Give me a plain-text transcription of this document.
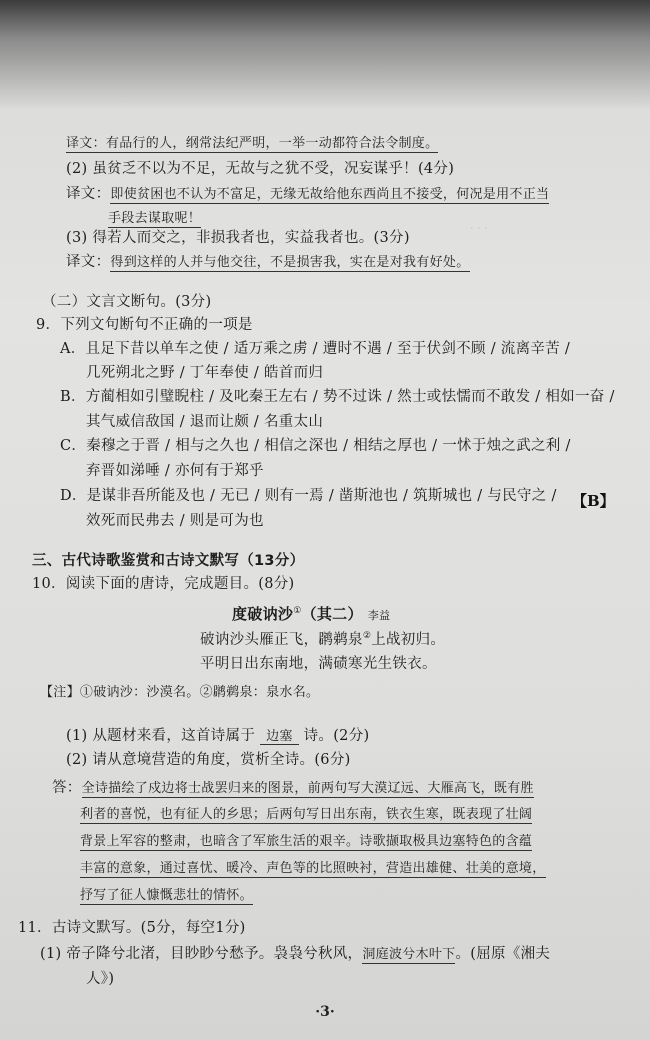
· · ·
译文：有品行的人，纲常法纪严明，一举一动都符合法令制度。
(2) 虽贫乏不以为不足，无故与之犹不受，况妄谋乎！(4分)
译文：即使贫困也不认为不富足，无缘无故给他东西尚且不接受，何况是用不正当
手段去谋取呢！
(3) 得若人而交之，非损我者也，实益我者也。(3分)
译文：得到这样的人并与他交往，不是损害我，实在是对我有好处。
（二）文言文断句。(3分)
9．下列文句断句不正确的一项是
A．且足下昔以单车之使 / 适万乘之虏 / 遭时不遇 / 至于伏剑不顾 / 流离辛苦 /
几死朔北之野 / 丁年奉使 / 皓首而归
B．方蔺相如引璧睨柱 / 及叱秦王左右 / 势不过诛 / 然士或怯懦而不敢发 / 相如一奋 /
其气威信敌国 / 退而让颇 / 名重太山
C．秦穆之于晋 / 相与之久也 / 相信之深也 / 相结之厚也 / 一怵于烛之武之利 /
弃晋如涕唾 / 亦何有于郑乎
D．是谋非吾所能及也 / 无已 / 则有一焉 / 凿斯池也 / 筑斯城也 / 与民守之 /
效死而民弗去 / 则是可为也
【B】
三、古代诗歌鉴赏和古诗文默写（13分）
10．阅读下面的唐诗，完成题目。(8分)
度破讷沙①（其二） 李益
破讷沙头雁正飞，䴙鹈泉②上战初归。
平明日出东南地，满碛寒光生铁衣。
【注】①破讷沙：沙漠名。②䴙鹈泉：泉水名。
(1) 从题材来看，这首诗属于 边塞 诗。(2分)
(2) 请从意境营造的角度，赏析全诗。(6分)
答：全诗描绘了戍边将士战罢归来的图景，前两句写大漠辽远、大雁高飞，既有胜
利者的喜悦，也有征人的乡思；后两句写日出东南，铁衣生寒，既表现了壮阔
背景上军容的整肃，也暗含了军旅生活的艰辛。诗歌撷取极具边塞特色的含蕴
丰富的意象，通过喜忧、暖冷、声色等的比照映衬，营造出雄健、壮美的意境，
抒写了征人慷慨悲壮的情怀。
11．古诗文默写。(5分，每空1分)
(1) 帝子降兮北渚，目眇眇兮愁予。袅袅兮秋风，洞庭波兮木叶下。(屈原《湘夫
人》)
·3·
